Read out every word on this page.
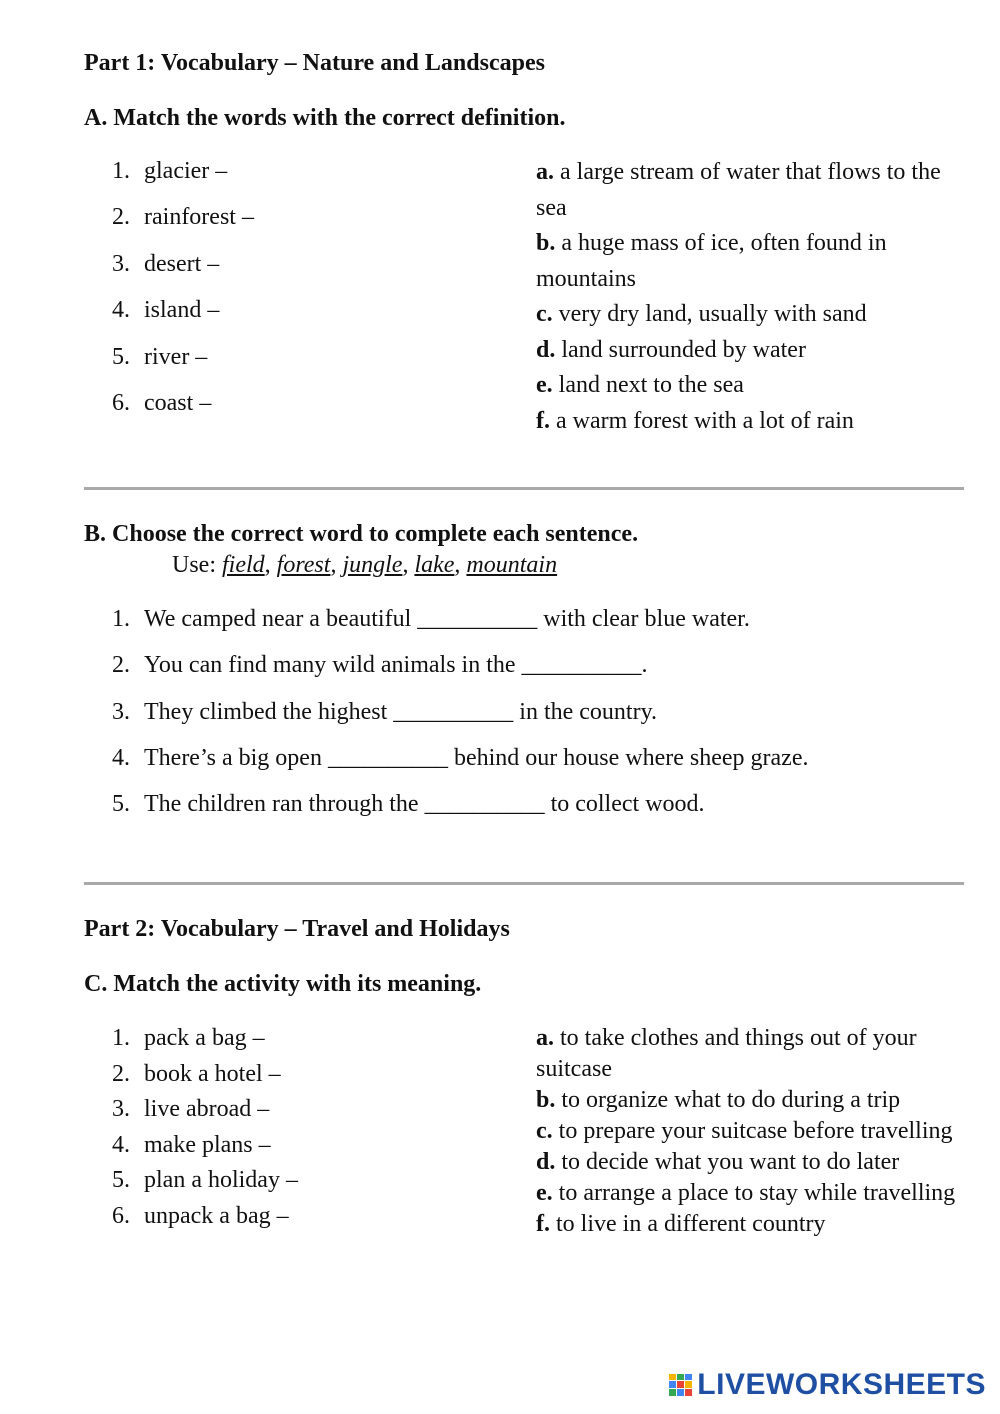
Part 1: Vocabulary – Nature and Landscapes
A. Match the words with the correct definition.
1. glacier –
2. rainforest –
3. desert –
4. island –
5. river –
6. coast –
a. a large stream of water that flows to the sea
b. a huge mass of ice, often found in mountains
c. very dry land, usually with sand
d. land surrounded by water
e. land next to the sea
f. a warm forest with a lot of rain
B. Choose the correct word to complete each sentence.
Use: field, forest, jungle, lake, mountain
1. We camped near a beautiful __________ with clear blue water.
2. You can find many wild animals in the __________.
3. They climbed the highest __________ in the country.
4. There’s a big open __________ behind our house where sheep graze.
5. The children ran through the __________ to collect wood.
Part 2: Vocabulary – Travel and Holidays
C. Match the activity with its meaning.
1. pack a bag –
2. book a hotel –
3. live abroad –
4. make plans –
5. plan a holiday –
6. unpack a bag –
a. to take clothes and things out of your suitcase
b. to organize what to do during a trip
c. to prepare your suitcase before travelling
d. to decide what you want to do later
e. to arrange a place to stay while travelling
f. to live in a different country
LIVEWORKSHEETS
